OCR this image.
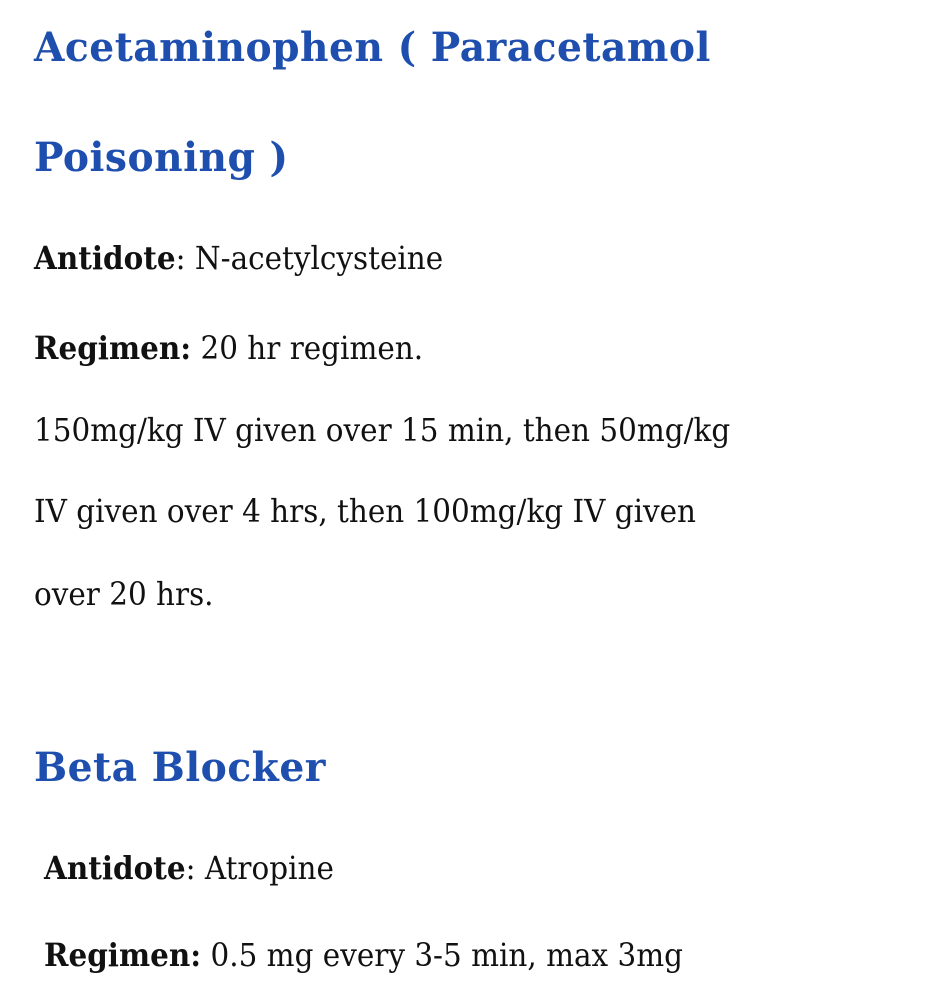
Acetaminophen ( Paracetamol
Poisoning )

Antidote: N-acetylcysteine

Regimen: 20 hr regimen.

150mg/kg IV given over 15 min, then 50mg/kg

IV given over 4 hrs, then 100mg/kg IV given

over 20 hrs.

Beta Blocker

Antidote: Atropine

Regimen: 0.5 mg every 3-5 min, max 3mg
